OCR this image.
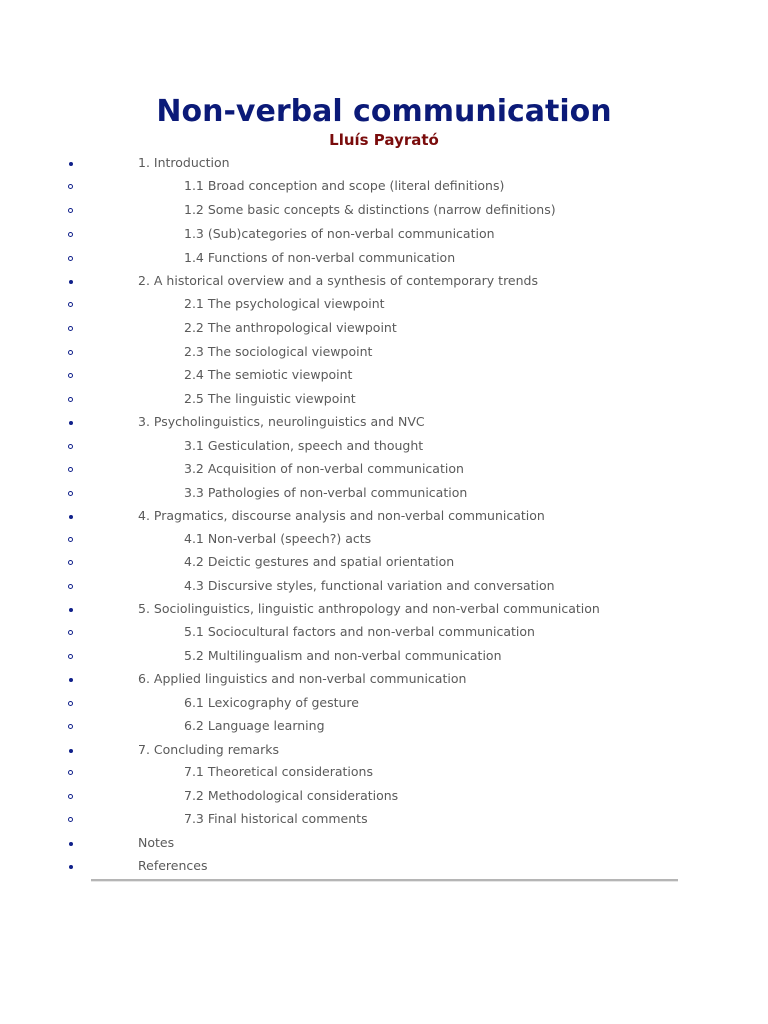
Non-verbal communication
Lluís Payrató
1. Introduction
1.1 Broad conception and scope (literal definitions)
1.2 Some basic concepts & distinctions (narrow definitions)
1.3 (Sub)categories of non-verbal communication
1.4 Functions of non-verbal communication
2. A historical overview and a synthesis of contemporary trends
2.1 The psychological viewpoint
2.2 The anthropological viewpoint
2.3 The sociological viewpoint
2.4 The semiotic viewpoint
2.5 The linguistic viewpoint
3. Psycholinguistics, neurolinguistics and NVC
3.1 Gesticulation, speech and thought
3.2 Acquisition of non-verbal communication
3.3 Pathologies of non-verbal communication
4. Pragmatics, discourse analysis and non-verbal communication
4.1 Non-verbal (speech?) acts
4.2 Deictic gestures and spatial orientation
4.3 Discursive styles, functional variation and conversation
5. Sociolinguistics, linguistic anthropology and non-verbal communication
5.1 Sociocultural factors and non-verbal communication
5.2 Multilingualism and non-verbal communication
6. Applied linguistics and non-verbal communication
6.1 Lexicography of gesture
6.2 Language learning
7. Concluding remarks
7.1 Theoretical considerations
7.2 Methodological considerations
7.3 Final historical comments
Notes
References
